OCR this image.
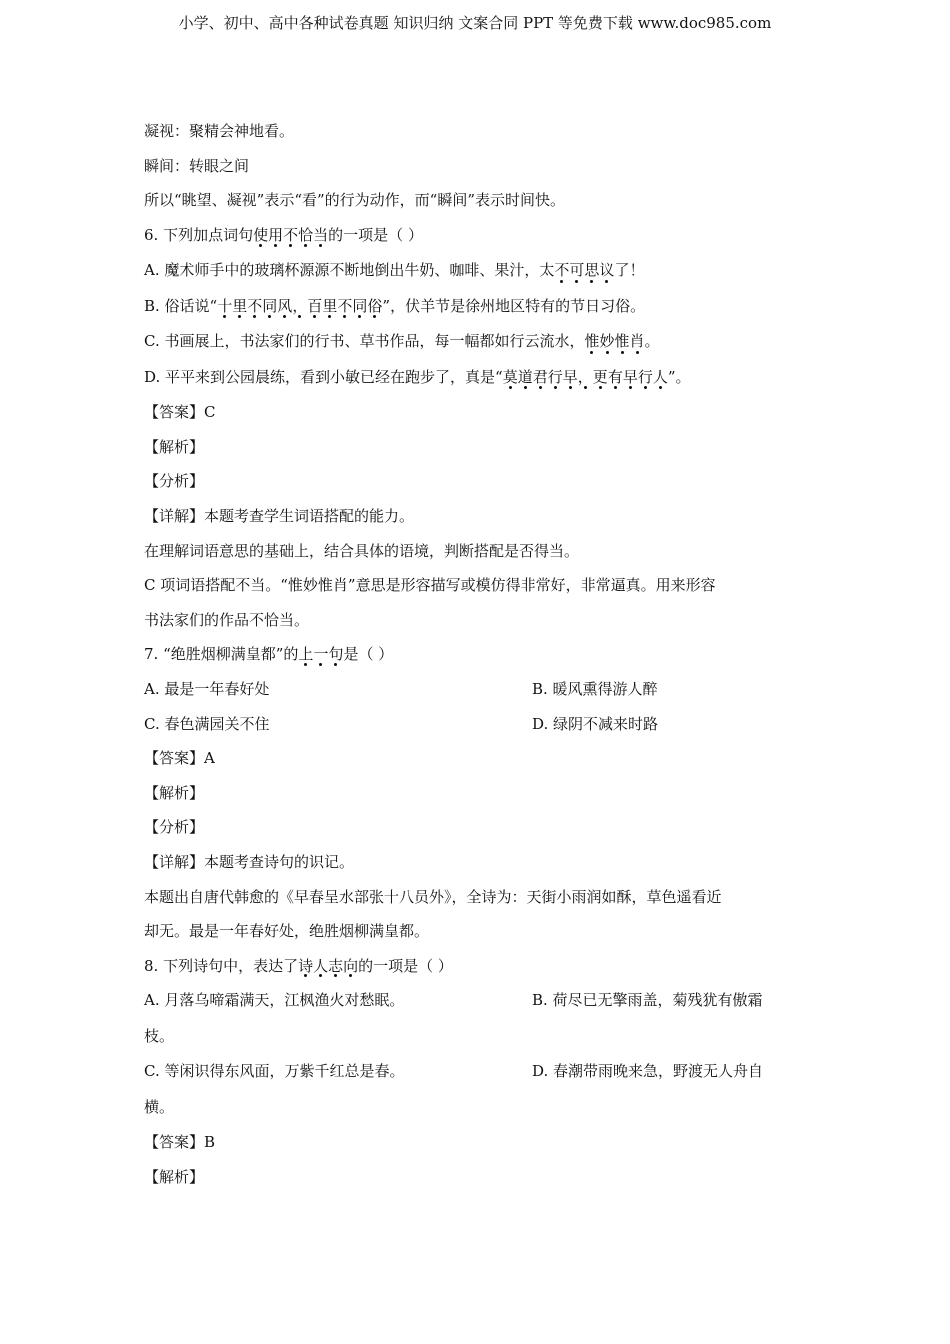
小学、初中、高中各种试卷真题 知识归纳 文案合同 PPT 等免费下载 www.doc985.com
凝视：聚精会神地看。
瞬间：转眼之间
所以“眺望、凝视”表示“看”的行为动作，而“瞬间”表示时间快。
6. 下列加点词句使用不恰当的一项是（ ）
A. 魔术师手中的玻璃杯源源不断地倒出牛奶、咖啡、果汁，太不可思议了！
B. 俗话说“十里不同风，百里不同俗”，伏羊节是徐州地区特有的节日习俗。
C. 书画展上，书法家们的行书、草书作品，每一幅都如行云流水，惟妙惟肖。
D. 平平来到公园晨练，看到小敏已经在跑步了，真是“莫道君行早，更有早行人”。
【答案】C
【解析】
【分析】
【详解】本题考查学生词语搭配的能力。
在理解词语意思的基础上，结合具体的语境，判断搭配是否得当。
C 项词语搭配不当。“惟妙惟肖”意思是形容描写或模仿得非常好，非常逼真。用来形容
书法家们的作品不恰当。
7. “绝胜烟柳满皇都”的上一句是（ ）
A. 最是一年春好处	B. 暖风熏得游人醉
C. 春色满园关不住	D. 绿阴不减来时路
【答案】A
【解析】
【分析】
【详解】本题考查诗句的识记。
本题出自唐代韩愈的《早春呈水部张十八员外》，全诗为：天街小雨润如酥，草色遥看近
却无。最是一年春好处，绝胜烟柳满皇都。
8. 下列诗句中，表达了诗人志向的一项是（ ）
A. 月落乌啼霜满天，江枫渔火对愁眠。	B. 荷尽已无擎雨盖，菊残犹有傲霜
枝。
C. 等闲识得东风面，万紫千红总是春。	D. 春潮带雨晚来急，野渡无人舟自
横。
【答案】B
【解析】
